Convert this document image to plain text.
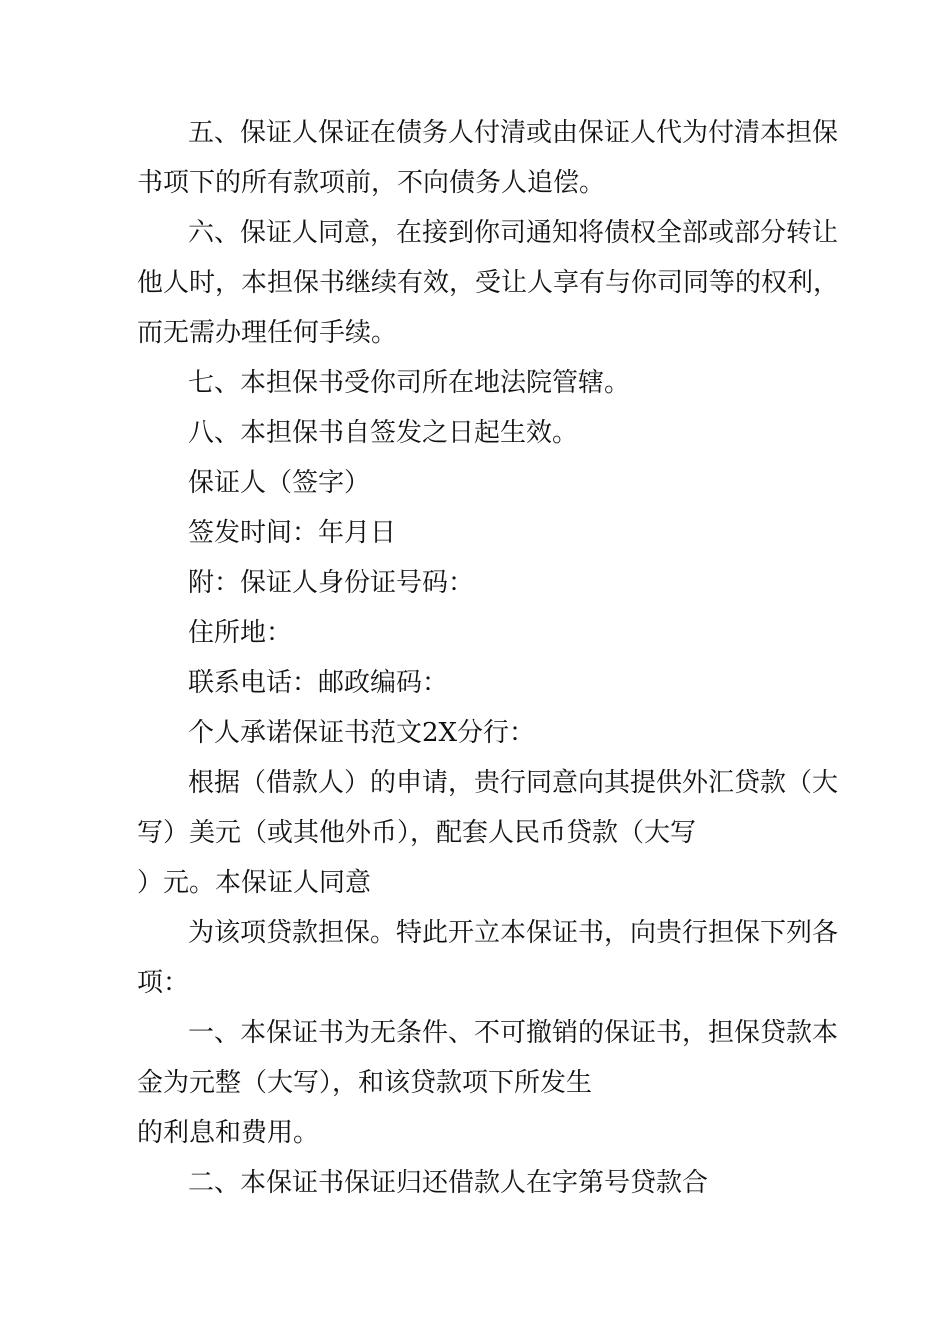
五、保证人保证在债务人付清或由保证人代为付清本担保
书项下的所有款项前，不向债务人追偿。
六、保证人同意，在接到你司通知将债权全部或部分转让
他人时，本担保书继续有效，受让人享有与你司同等的权利，
而无需办理任何手续。
七、本担保书受你司所在地法院管辖。
八、本担保书自签发之日起生效。
保证人（签字）
签发时间：年月日
附：保证人身份证号码：
住所地：
联系电话：邮政编码：
个人承诺保证书范文2X分行：
根据（借款人）的申请，贵行同意向其提供外汇贷款（大
写）美元（或其他外币），配套人民币贷款（大写
）元。本保证人同意
为该项贷款担保。特此开立本保证书，向贵行担保下列各
项：
一、本保证书为无条件、不可撤销的保证书，担保贷款本
金为元整（大写），和该贷款项下所发生
的利息和费用。
二、本保证书保证归还借款人在字第号贷款合
